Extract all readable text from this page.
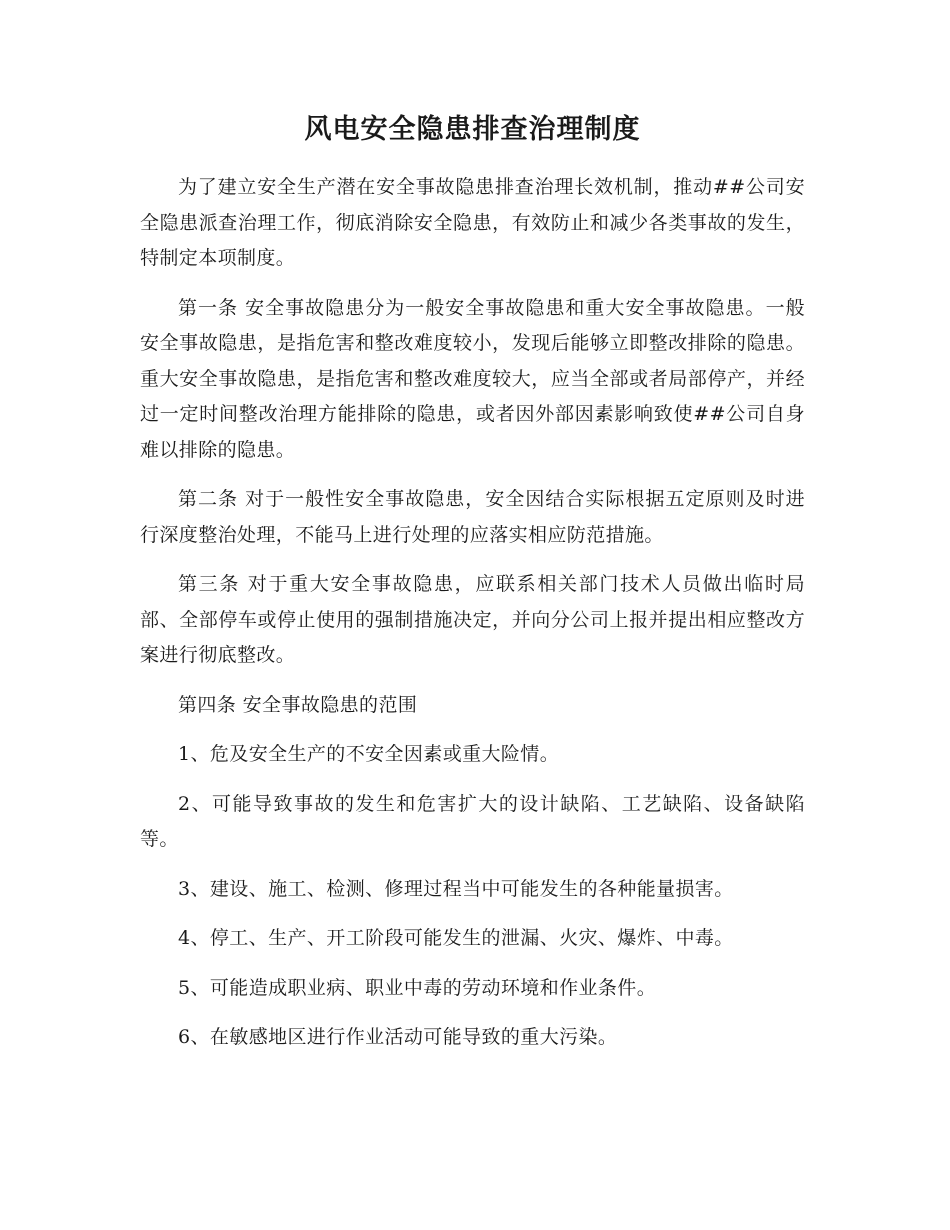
风电安全隐患排查治理制度

为了建立安全生产潜在安全事故隐患排查治理长效机制，推动##公司安全隐患派查治理工作，彻底消除安全隐患，有效防止和减少各类事故的发生，特制定本项制度。

第一条 安全事故隐患分为一般安全事故隐患和重大安全事故隐患。一般安全事故隐患，是指危害和整改难度较小，发现后能够立即整改排除的隐患。重大安全事故隐患，是指危害和整改难度较大，应当全部或者局部停产，并经过一定时间整改治理方能排除的隐患，或者因外部因素影响致使##公司自身难以排除的隐患。

第二条 对于一般性安全事故隐患，安全因结合实际根据五定原则及时进行深度整治处理，不能马上进行处理的应落实相应防范措施。

第三条 对于重大安全事故隐患，应联系相关部门技术人员做出临时局部、全部停车或停止使用的强制措施决定，并向分公司上报并提出相应整改方案进行彻底整改。

第四条 安全事故隐患的范围

1、危及安全生产的不安全因素或重大险情。

2、可能导致事故的发生和危害扩大的设计缺陷、工艺缺陷、设备缺陷等。

3、建设、施工、检测、修理过程当中可能发生的各种能量损害。

4、停工、生产、开工阶段可能发生的泄漏、火灾、爆炸、中毒。

5、可能造成职业病、职业中毒的劳动环境和作业条件。

6、在敏感地区进行作业活动可能导致的重大污染。
